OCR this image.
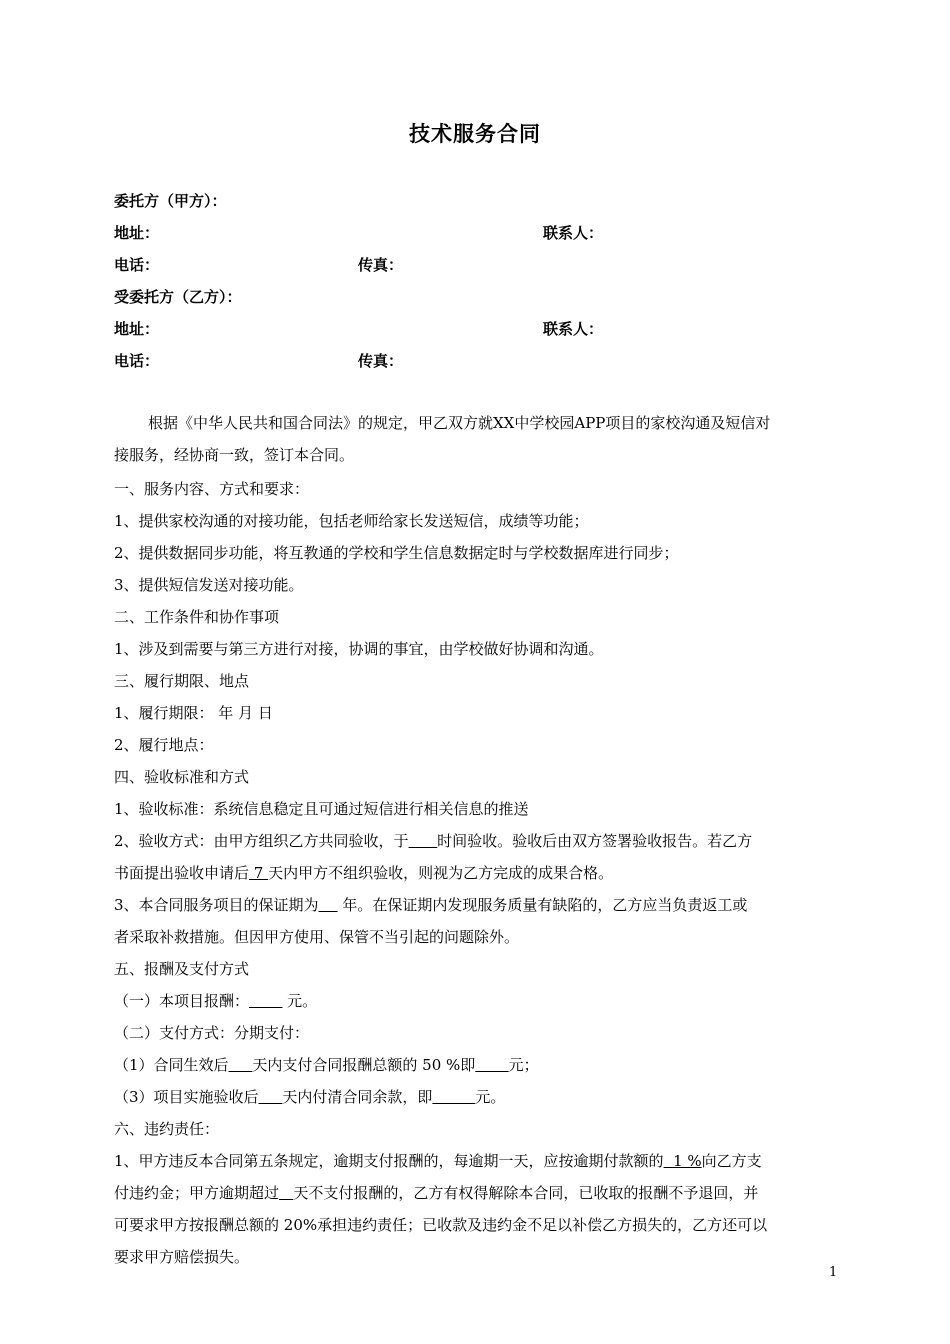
技术服务合同
委托方（甲方）：
地址：	联系人：
电话：	传真：
受委托方（乙方）：
地址：	联系人：
电话：	传真：
根据《中华人民共和国合同法》的规定，甲乙双方就XX中学校园APP项目的家校沟通及短信对
接服务，经协商一致，签订本合同。
一、服务内容、方式和要求：
1、提供家校沟通的对接功能，包括老师给家长发送短信，成绩等功能；
2、提供数据同步功能，将互教通的学校和学生信息数据定时与学校数据库进行同步；
3、提供短信发送对接功能。
二、工作条件和协作事项
1、涉及到需要与第三方进行对接，协调的事宜，由学校做好协调和沟通。
三、履行期限、地点
1、履行期限： 年 月 日
2、履行地点：
四、验收标准和方式
1、验收标准：系统信息稳定且可通过短信进行相关信息的推送
2、验收方式：由甲方组织乙方共同验收，于 时间验收。验收后由双方签署验收报告。若乙方
书面提出验收申请后 7 天内甲方不组织验收，则视为乙方完成的成果合格。
3、本合同服务项目的保证期为     年。在保证期内发现服务质量有缺陷的，乙方应当负责返工或
者采取补救措施。但因甲方使用、保管不当引起的问题除外。
五、报酬及支付方式
（一）本项目报酬：        元。
（二）支付方式：分期支付：
（1）合同生效后 天内支付合同报酬总额的 50 %即 元；
（3）项目实施验收后 天内付清合同余款，即	元。
六、违约责任：
1、甲方违反本合同第五条规定，逾期支付报酬的，每逾期一天，应按逾期付款额的  1 %向乙方支
付违约金；甲方逾期超过 天不支付报酬的，乙方有权得解除本合同，已收取的报酬不予退回，并
可要求甲方按报酬总额的 20%承担违约责任；已收款及违约金不足以补偿乙方损失的，乙方还可以
要求甲方赔偿损失。
1
